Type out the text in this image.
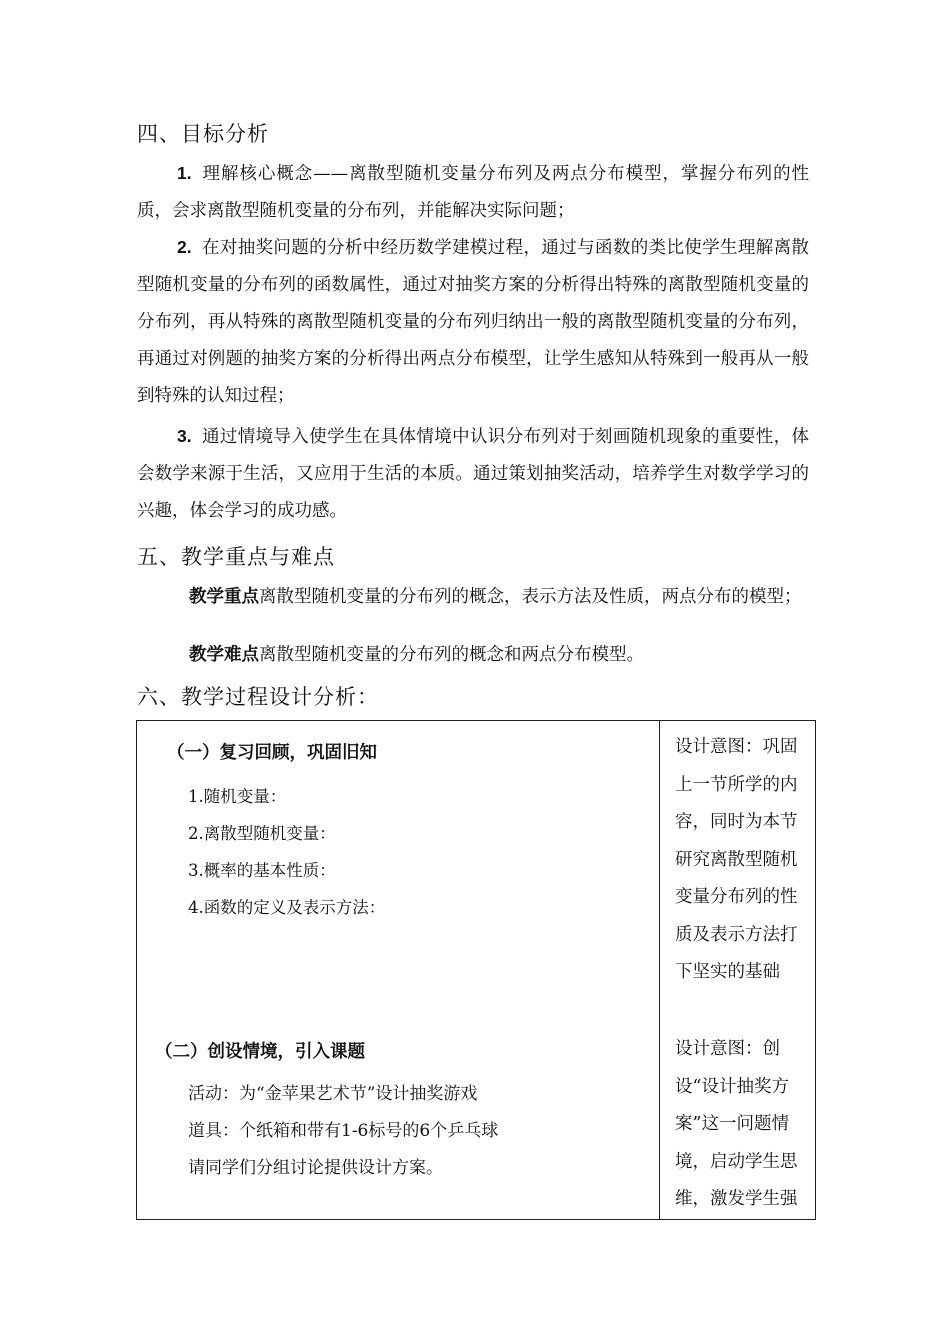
四、目标分析

1. 理解核心概念——离散型随机变量分布列及两点分布模型，掌握分布列的性质，会求离散型随机变量的分布列，并能解决实际问题；

2. 在对抽奖问题的分析中经历数学建模过程，通过与函数的类比使学生理解离散型随机变量的分布列的函数属性，通过对抽奖方案的分析得出特殊的离散型随机变量的分布列，再从特殊的离散型随机变量的分布列归纳出一般的离散型随机变量的分布列，再通过对例题的抽奖方案的分析得出两点分布模型，让学生感知从特殊到一般再从一般到特殊的认知过程；

3. 通过情境导入使学生在具体情境中认识分布列对于刻画随机现象的重要性，体会数学来源于生活，又应用于生活的本质。通过策划抽奖活动，培养学生对数学学习的兴趣，体会学习的成功感。

五、教学重点与难点

教学重点离散型随机变量的分布列的概念，表示方法及性质，两点分布的模型；

教学难点离散型随机变量的分布列的概念和两点分布模型。

六、教学过程设计分析：

（一）复习回顾，巩固旧知

1.随机变量：

2.离散型随机变量：

3.概率的基本性质：

4.函数的定义及表示方法：

设计意图：巩固上一节所学的内容，同时为本节研究离散型随机变量分布列的性质及表示方法打下坚实的基础

（二）创设情境，引入课题

活动：为“金苹果艺术节”设计抽奖游戏

道具：个纸箱和带有1-6标号的6个乒乓球

请同学们分组讨论提供设计方案。

设计意图：创设“设计抽奖方案”这一问题情境，启动学生思维，激发学生强
